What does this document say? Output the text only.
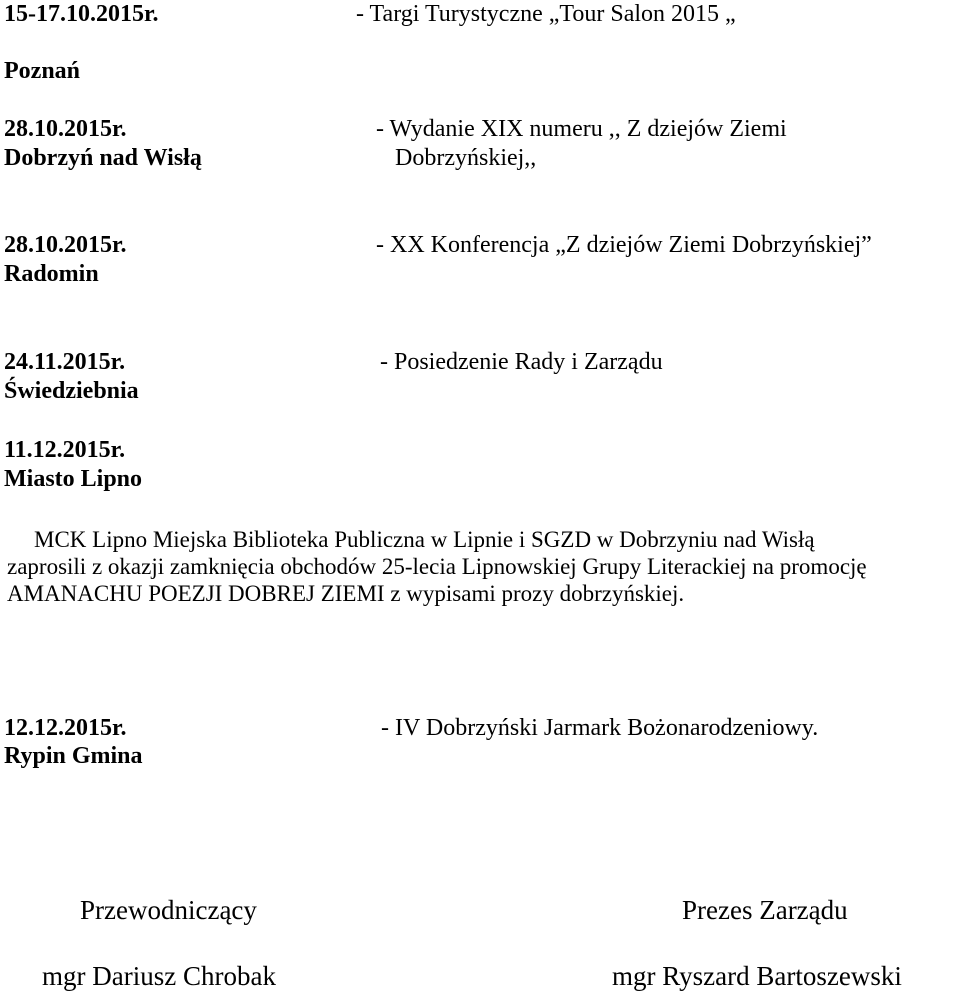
15-17.10.2015r.	- Targi Turystyczne „Tour Salon 2015 „
Poznań
28.10.2015r.
Dobrzyń nad Wisłą
- Wydanie XIX numeru ,, Z dziejów Ziemi
Dobrzyńskiej,,
28.10.2015r.
Radomin
- XX Konferencja „Z dziejów Ziemi Dobrzyńskiej”
24.11.2015r.
Świedziebnia
- Posiedzenie Rady i Zarządu
11.12.2015r.
Miasto Lipno
MCK Lipno Miejska Biblioteka Publiczna w Lipnie i SGZD w Dobrzyniu nad Wisłą
zaprosili z okazji zamknięcia obchodów 25-lecia Lipnowskiej Grupy Literackiej na promocję
AMANACHU POEZJI DOBREJ ZIEMI z wypisami prozy dobrzyńskiej.
12.12.2015r.
Rypin Gmina
- IV Dobrzyński Jarmark Bożonarodzeniowy.
Przewodniczący
mgr Dariusz Chrobak
Prezes Zarządu
mgr Ryszard Bartoszewski
